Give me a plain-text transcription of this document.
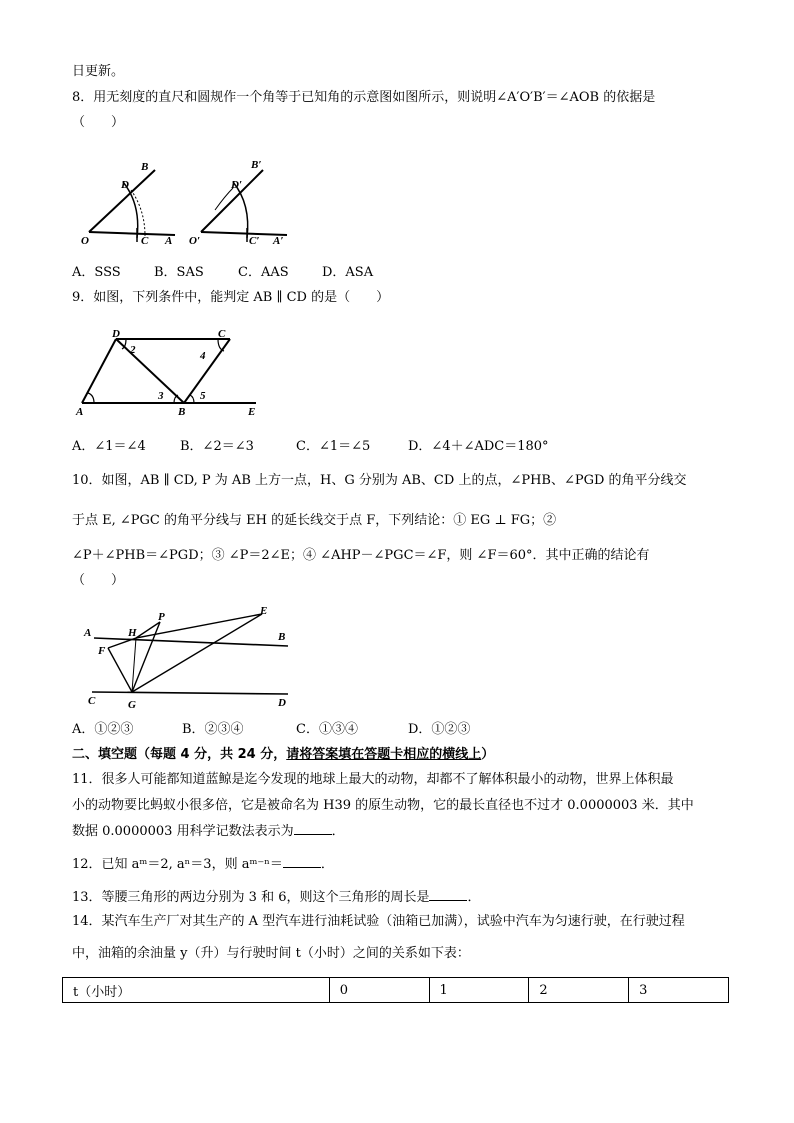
日更新。
8．用无刻度的直尺和圆规作一个角等于已知角的示意图如图所示，则说明∠A′O′B′＝∠AOB 的依据是
（　　）
B
D
O	C A
B′
D′
O′	C′ A′
A．SSS	B．SAS	C．AAS	D．ASA
9．如图，下列条件中，能判定 AB ∥ CD 的是（　　）
D	C
2	4
A
3
B
5
E
A．∠1＝∠4	B．∠2＝∠3	C．∠1＝∠5	D．∠4＋∠ADC＝180°
10．如图，AB ∥ CD, P 为 AB 上方一点，H、G 分别为 AB、CD 上的点，∠PHB、∠PGD 的角平分线交
于点 E, ∠PGC 的角平分线与 EH 的延长线交于点 F，下列结论：① EG ⊥ FG；②
∠P＋∠PHB＝∠PGD；③ ∠P＝2∠E；④ ∠AHP－∠PGC＝∠F，则 ∠F＝60°．其中正确的结论有
（　　）
A	H
P	E
B
F
C	G	D
A．①②③	B．②③④	C．①③④	D．①②③
二、填空题（每题 4 分，共 24 分，请将答案填在答题卡相应的横线上）
11．很多人可能都知道蓝鲸是迄今发现的地球上最大的动物，却都不了解体积最小的动物，世界上体积最
小的动物要比蚂蚁小很多倍，它是被命名为 H39 的原生动物，它的最长直径也不过才 0.0000003 米．其中
数据 0.0000003 用科学记数法表示为	．
12．已知 aᵐ＝2, aⁿ＝3，则 aᵐ⁻ⁿ＝	．
13．等腰三角形的两边分别为 3 和 6，则这个三角形的周长是	．
14．某汽车生产厂对其生产的 A 型汽车进行油耗试验（油箱已加满），试验中汽车为匀速行驶，在行驶过程
中，油箱的余油量 y（升）与行驶时间 t（小时）之间的关系如下表：
t（小时）	0	1	2	3
